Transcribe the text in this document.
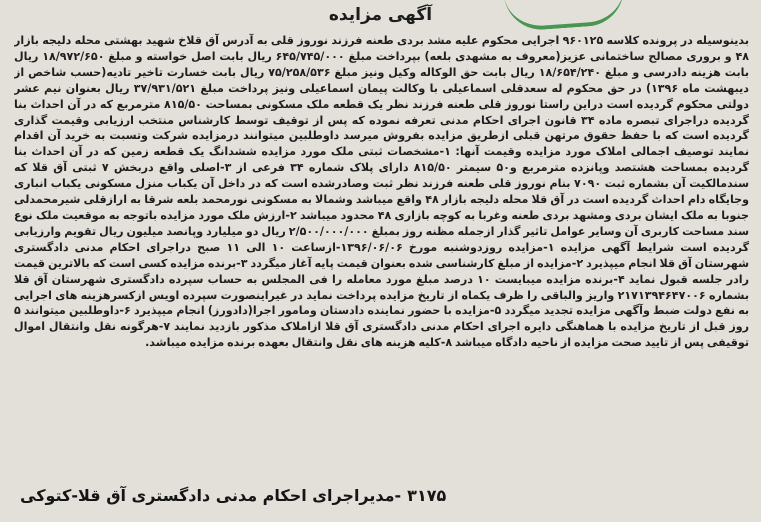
آگهی مزایده
بدینوسیله در پرونده کلاسه ۹۶۰۱۲۵ اجرایی محکوم علیه مشد بردی طعنه فرزند نوروز قلی به آدرس آق قلاخ شهید بهشتی محله دلیجه بازار ۴۸ و بروری مصالح ساختمانی عزیز(معروف به مشهدی بلعه) بپرداخت مبلغ ۶۴۵/۷۴۵/۰۰۰ ریال بابت اصل خواسته و مبلغ ۱۸/۹۷۲/۶۵۰ ریال بابت هزینه دادرسی و مبلغ ۱۸/۶۵۴/۲۴۰ ریال بابت حق الوکاله وکیل ونیز مبلغ ۷۵/۲۵۸/۵۳۶ ریال بابت خسارت تاخیر تادیه(حسب شاخص از دیبهشت ماه ۱۳۹۶) در حق محکوم له سعدقلی اسماعیلی با وکالت پیمان اسماعیلی ونیز پرداخت مبلغ ۳۷/۹۳۱/۵۲۱ ریال بعنوان نیم عشر دولتی محکوم گردیده است دراین راستا نوروز قلی طعنه فرزند نظر یک قطعه ملک مسکونی بمساحت ۸۱۵/۵۰ مترمربع که در آن احداث بنا گردیده دراجرای تبصره ماده ۳۴ قانون اجرای احکام مدنی تعرفه نموده که پس از توقیف توسط کارشناس منتخب ارزیابی وقیمت گذاری گردیده است که با حفظ حقوق مرتهن قبلی ازطریق مزایده بفروش میرسد داوطلبین میتوانند درمزایده شرکت وتسبت به خرید آن اقدام نمایند توصیف اجمالی املاک مورد مزایده وقیمت آنها: ۱-مشخصات ثبتی ملک مورد مزایده ششدانگ یک قطعه زمین که در آن احداث بنا گردیده بمساحت هشتصد وپانزده مترمربع و۵۰ سیمتر ۸۱۵/۵۰ دارای پلاک شماره ۳۴ فرعی از ۳-اصلی واقع دربخش ۷ ثبتی آق قلا که سندمالکیت آن بشماره ثبت ۷۰۹۰ بنام نوروز قلی طعنه فرزند نظر ثبت وصادرشده است که در داخل آن یکباب منزل مسکونی یکباب انباری وجایگاه دام احداث گردیده است در آق قلا محله دلیجه بازار ۴۸ واقع میباشد وشمالا به مسکونی نورمحمد بلعه شرقا به ارازقلی شیرمحمدلی جنوبا به ملک ایشان بردی ومشهد بردی طعنه وغربا به کوچه بازاری ۴۸ محدود میباشد ۲-ارزش ملک مورد مزایده باتوجه به موقعیت ملک نوع سند مساحت کاربری آن وسایر عوامل تاثیر گذار ازجمله مظنه روز بمبلغ ۲/۵۰۰/۰۰۰/۰۰۰ ریال دو میلیارد وپانصد میلیون ریال تقویم وارزیابی گردیده است شرایط آگهی مزایده ۱-مزایده روزدوشنبه مورخ ۱۳۹۶/۰۶/۰۶-ازساعت ۱۰ الی ۱۱ صبح دراجرای احکام مدنی دادگستری شهرستان آق قلا انجام میپذیرد ۲-مزایده از مبلغ کارشناسی شده بعنوان قیمت پایه آغاز میگردد ۳-برنده مزایده کسی است که بالاترین قیمت رادر جلسه قبول نماید ۴-برنده مزایده میبایست ۱۰ درصد مبلغ مورد معامله را فی المجلس به حساب سپرده دادگستری شهرستان آق قلا بشماره ۲۱۷۱۳۹۴۶۴۷۰۰۶ واریز والباقی را ظرف یکماه از تاریخ مزایده پرداخت نماید در غیراینصورت سپرده اویس ازکسرهزینه های اجرایی به نفع دولت ضبط وآگهی مزایده تجدید میگردد ۵-مزایده با حضور نماینده دادستان ومامور اجرا(دادورز) انجام میپذیرد ۶-داوطلبین میتوانند ۵ روز قبل از تاریخ مزایده با هماهنگی دایره اجرای احکام مدنی دادگستری آق قلا ازاملاک مذکور بازدید نمایند ۷-هرگونه نقل وانتقال اموال توقیفی پس از تایید صحت مزایده از ناحیه دادگاه میباشد ۸-کلیه هزینه های نقل وانتقال بعهده برنده مزایده میباشد.
۳۱۷۵-مدیراجرای احکام مدنی دادگستری آق قلا-کتوکی
